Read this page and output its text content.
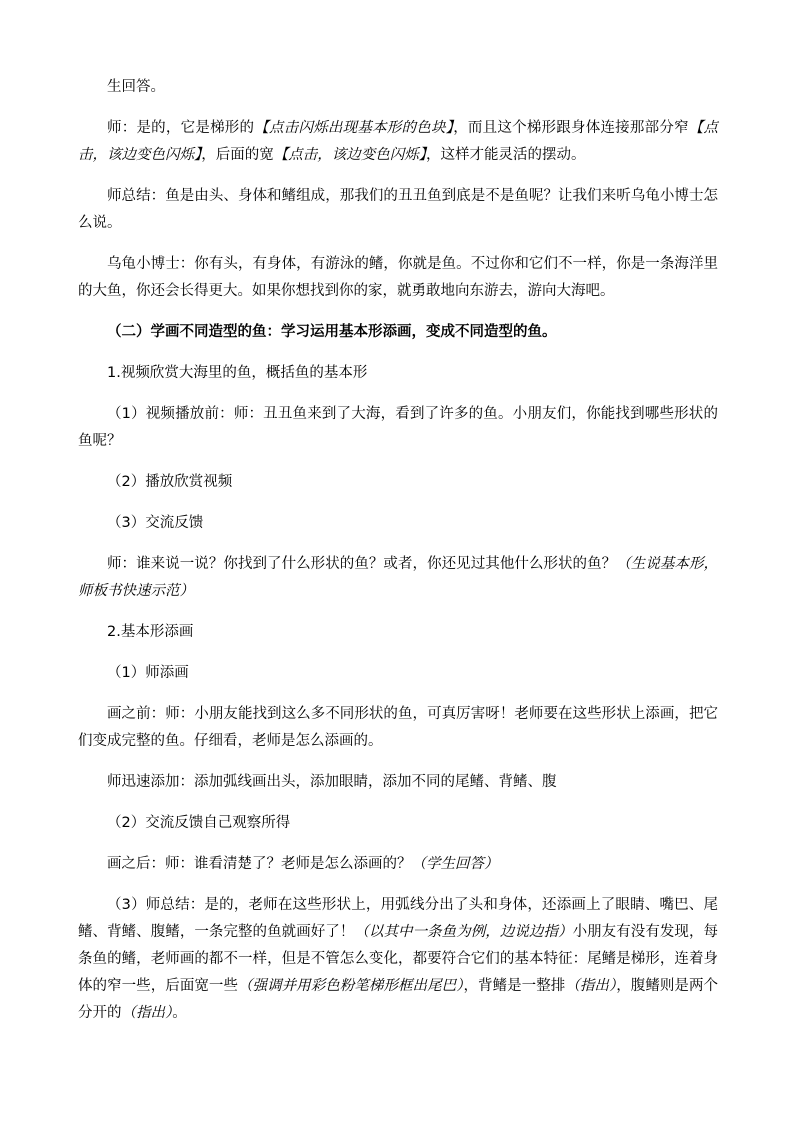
生回答。

师：是的，它是梯形的【点击闪烁出现基本形的色块】，而且这个梯形跟身体连接那部分窄【点击，该边变色闪烁】，后面的宽【点击，该边变色闪烁】，这样才能灵活的摆动。

师总结：鱼是由头、身体和鳍组成，那我们的丑丑鱼到底是不是鱼呢？让我们来听乌龟小博士怎么说。

乌龟小博士：你有头，有身体，有游泳的鳍，你就是鱼。不过你和它们不一样，你是一条海洋里的大鱼，你还会长得更大。如果你想找到你的家，就勇敢地向东游去，游向大海吧。

（二）学画不同造型的鱼：学习运用基本形添画，变成不同造型的鱼。

1.视频欣赏大海里的鱼，概括鱼的基本形

（1）视频播放前：师：丑丑鱼来到了大海，看到了许多的鱼。小朋友们，你能找到哪些形状的鱼呢？

（2）播放欣赏视频

（3）交流反馈

师：谁来说一说？你找到了什么形状的鱼？或者，你还见过其他什么形状的鱼？（生说基本形，师板书快速示范）

2.基本形添画

（1）师添画

画之前：师：小朋友能找到这么多不同形状的鱼，可真厉害呀！老师要在这些形状上添画，把它们变成完整的鱼。仔细看，老师是怎么添画的。

师迅速添加：添加弧线画出头，添加眼睛，添加不同的尾鳍、背鳍、腹

（2）交流反馈自己观察所得

画之后：师：谁看清楚了？老师是怎么添画的？（学生回答）

（3）师总结：是的，老师在这些形状上，用弧线分出了头和身体，还添画上了眼睛、嘴巴、尾鳍、背鳍、腹鳍，一条完整的鱼就画好了！（以其中一条鱼为例，边说边指）小朋友有没有发现，每条鱼的鳍，老师画的都不一样，但是不管怎么变化，都要符合它们的基本特征：尾鳍是梯形，连着身体的窄一些，后面宽一些（强调并用彩色粉笔梯形框出尾巴），背鳍是一整排（指出），腹鳍则是两个分开的（指出）。
